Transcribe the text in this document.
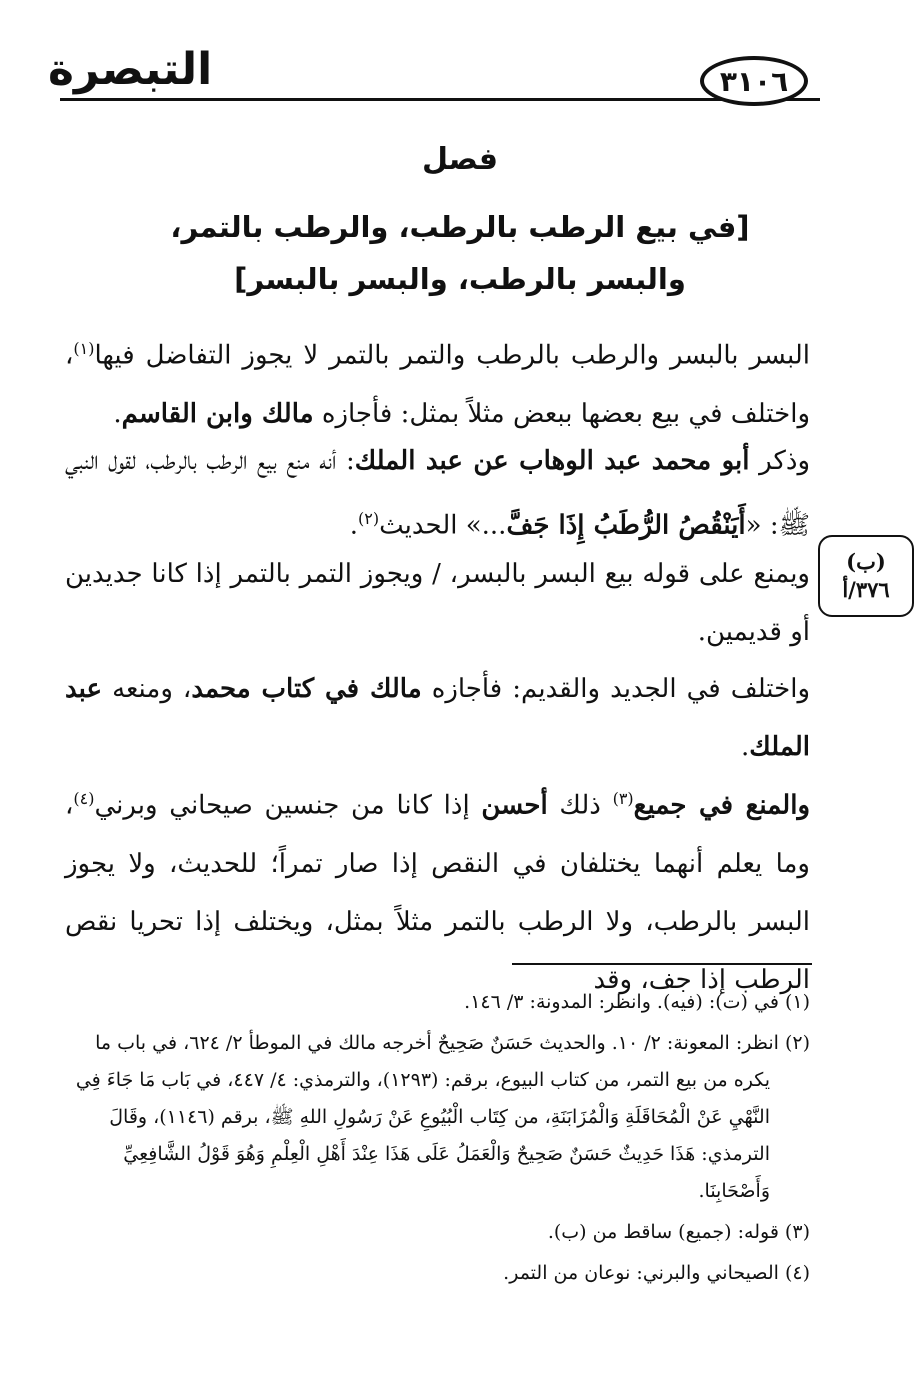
التبصرة	٣١٠٦
فصل
[في بيع الرطب بالرطب، والرطب بالتمر،
والبسر بالرطب، والبسر بالبسر]
البسر بالبسر والرطب بالرطب والتمر بالتمر لا يجوز التفاضل فيها$^{(١)}$، واختلف في بيع بعضها ببعض مثلاً بمثل: فأجازه مالك وابن القاسم.
وذكر أبو محمد عبد الوهاب عن عبد الملك: أنه منع بيع الرطب بالرطب، لقول النبي ﷺ: «أَيَنْقُصُ الرُّطَبُ إِذَا جَفَّ...» الحديث$^{(٢)}$.
(ب)
٣٧٦/أ
ويمنع على قوله بيع البسر بالبسر، / ويجوز التمر بالتمر إذا كانا جديدين أو قديمين.
واختلف في الجديد والقديم: فأجازه مالك في كتاب محمد، ومنعه عبد الملك.
والمنع في جميع$^{(٣)}$ ذلك أحسن إذا كانا من جنسين صيحاني وبرني$^{(٤)}$، وما يعلم أنهما يختلفان في النقص إذا صار تمراً؛ للحديث، ولا يجوز البسر بالرطب، ولا الرطب بالتمر مثلاً بمثل، ويختلف إذا تحريا نقص الرطب إذا جف، وقد
(١) في (ت): (فيه). وانظر: المدونة: ٣/ ١٤٦.
(٢) انظر: المعونة: ٢/ ١٠. والحديث حَسَنٌ صَحِيحٌ أخرجه مالك في الموطأ ٢/ ٦٢٤، في باب ما
يكره من بيع التمر، من كتاب البيوع، برقم: (١٢٩٣)، والترمذي: ٤/ ٤٤٧، في بَاب مَا جَاءَ فِي النَّهْيِ عَنْ الْمُحَاقَلَةِ وَالْمُزَابَنَةِ، من كِتَاب الْبُيُوعِ عَنْ رَسُولِ اللهِ ﷺ، برقم (١١٤٦)، وقَالَ الترمذي: هَذَا حَدِيثٌ حَسَنٌ صَحِيحٌ وَالْعَمَلُ عَلَى هَذَا عِنْدَ أَهْلِ الْعِلْمِ وَهُوَ قَوْلُ الشَّافِعِيِّ وَأَصْحَابِنَا.
(٣) قوله: (جميع) ساقط من (ب).
(٤) الصيحاني والبرني: نوعان من التمر.
